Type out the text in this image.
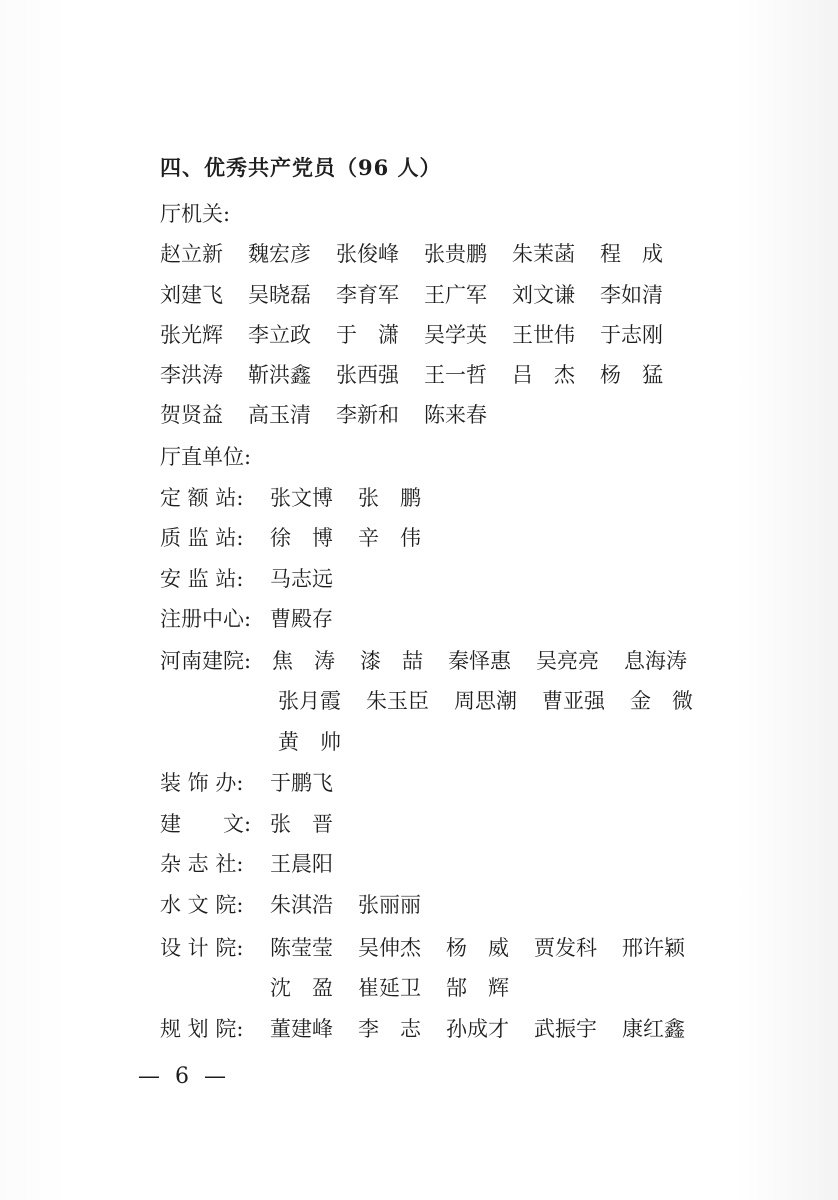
四、优秀共产党员（96 人）
厅机关:
赵立新 魏宏彦 张俊峰 张贵鹏 朱茉菡 程　成
刘建飞 吴晓磊 李育军 王广军 刘文谦 李如清
张光辉 李立政 于　潇 吴学英 王世伟 于志刚
李洪涛 靳洪鑫 张西强 王一哲 吕　杰 杨　猛
贺贤益 高玉清 李新和 陈来春
厅直单位:
定 额 站: 张文博 张　鹏
质 监 站: 徐　博 辛　伟
安 监 站: 马志远
注册中心: 曹殿存
河南建院: 焦　涛 漆　喆 秦怿惠 吴亮亮 息海涛
张月霞 朱玉臣 周思潮 曹亚强 金　微
黄　帅
装 饰 办: 于鹏飞
建　　文: 张　晋
杂 志 社: 王晨阳
水 文 院: 朱淇浩 张丽丽
设 计 院: 陈莹莹 吴伸杰 杨　威 贾发科 邢许颖
沈　盈 崔延卫 郜　辉
规 划 院: 董建峰 李　志 孙成才 武振宇 康红鑫
— 6 —
